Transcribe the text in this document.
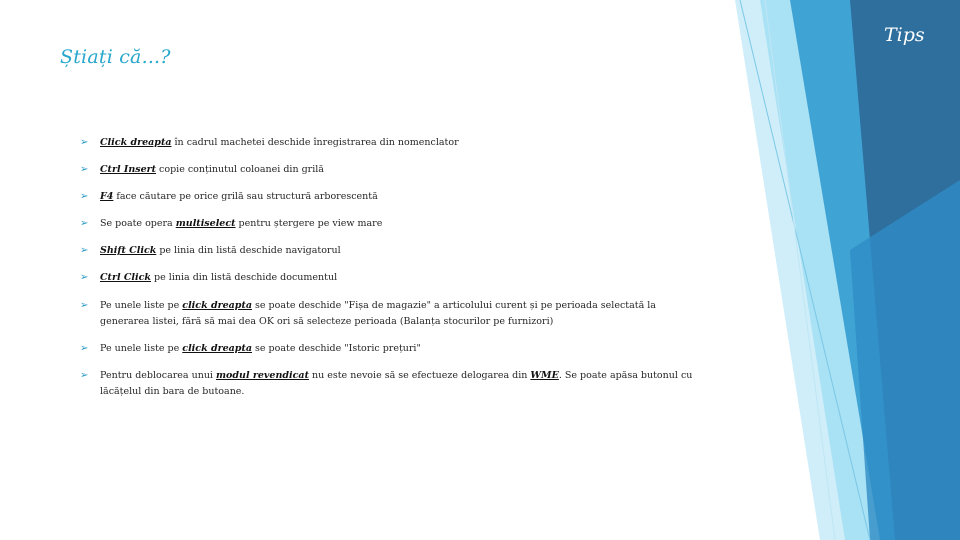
Știați că...?
Tips
➢	Click dreapta în cadrul machetei deschide înregistrarea din nomenclator
➢	Ctrl Insert copie conținutul coloanei din grilă
➢	F4 face căutare pe orice grilă sau structură arborescentă
➢	Se poate opera multiselect pentru ștergere pe view mare
➢	Shift Click pe linia din listă deschide navigatorul
➢	Ctrl Click pe linia din listă deschide documentul
➢	Pe unele liste pe click dreapta se poate deschide "Fișa de magazie" a articolului curent și pe perioada selectată la generarea listei, fără să mai dea OK ori să selecteze perioada (Balanța stocurilor pe furnizori)
➢	Pe unele liste pe click dreapta se poate deschide "Istoric prețuri"
➢	Pentru deblocarea unui modul revendicat nu este nevoie să se efectueze delogarea din WME. Se poate apăsa butonul cu lăcățelul din bara de butoane.
